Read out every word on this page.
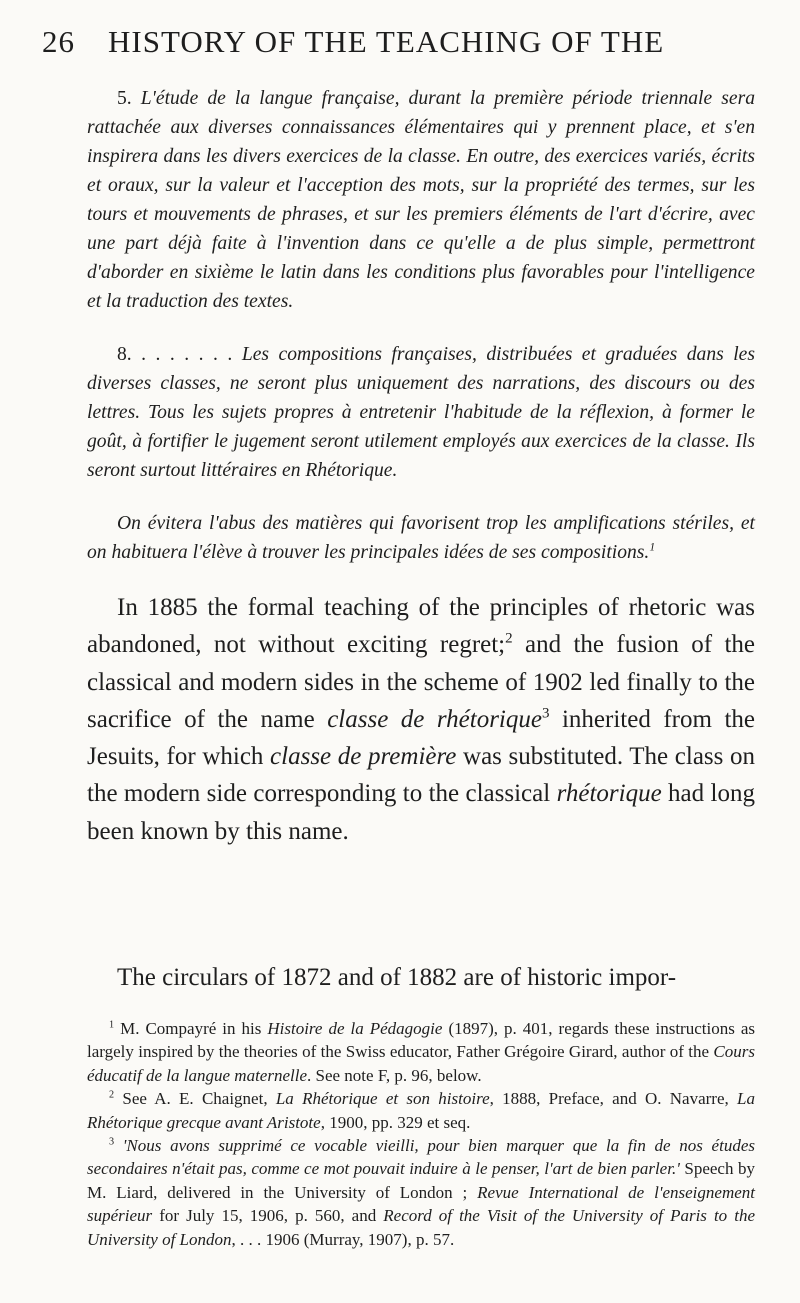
26 HISTORY OF THE TEACHING OF THE

5. L'étude de la langue française, durant la première période triennale sera rattachée aux diverses connaissances élémentaires qui y prennent place, et s'en inspirera dans les divers exercices de la classe. En outre, des exercices variés, écrits et oraux, sur la valeur et l'acception des mots, sur la propriété des termes, sur les tours et mouvements de phrases, et sur les premiers éléments de l'art d'écrire, avec une part déjà faite à l'invention dans ce qu'elle a de plus simple, permettront d'aborder en sixième le latin dans les conditions plus favorables pour l'intelligence et la traduction des textes.

8. . . . . . . . Les compositions françaises, distribuées et graduées dans les diverses classes, ne seront plus uniquement des narrations, des discours ou des lettres. Tous les sujets propres à entretenir l'habitude de la réflexion, à former le goût, à fortifier le jugement seront utilement employés aux exercices de la classe. Ils seront surtout littéraires en Rhétorique.

On évitera l'abus des matières qui favorisent trop les amplifications stériles, et on habituera l'élève à trouver les principales idées de ses compositions.$^1$

In 1885 the formal teaching of the principles of rhetoric was abandoned, not without exciting regret;$^2$ and the fusion of the classical and modern sides in the scheme of 1902 led finally to the sacrifice of the name classe de rhétorique$^3$ inherited from the Jesuits, for which classe de première was substituted. The class on the modern side corresponding to the classical rhétorique had long been known by this name.

The circulars of 1872 and of 1882 are of historic impor-

$^1$ M. Compayré in his Histoire de la Pédagogie (1897), p. 401, regards these instructions as largely inspired by the theories of the Swiss educator, Father Grégoire Girard, author of the Cours éducatif de la langue maternelle. See note F, p. 96, below.

$^2$ See A. E. Chaignet, La Rhétorique et son histoire, 1888, Preface, and O. Navarre, La Rhétorique grecque avant Aristote, 1900, pp. 329 et seq.

$^3$ 'Nous avons supprimé ce vocable vieilli, pour bien marquer que la fin de nos études secondaires n'était pas, comme ce mot pouvait induire à le penser, l'art de bien parler.' Speech by M. Liard, delivered in the University of London ; Revue International de l'enseignement supérieur for July 15, 1906, p. 560, and Record of the Visit of the University of Paris to the University of London, . . . 1906 (Murray, 1907), p. 57.
